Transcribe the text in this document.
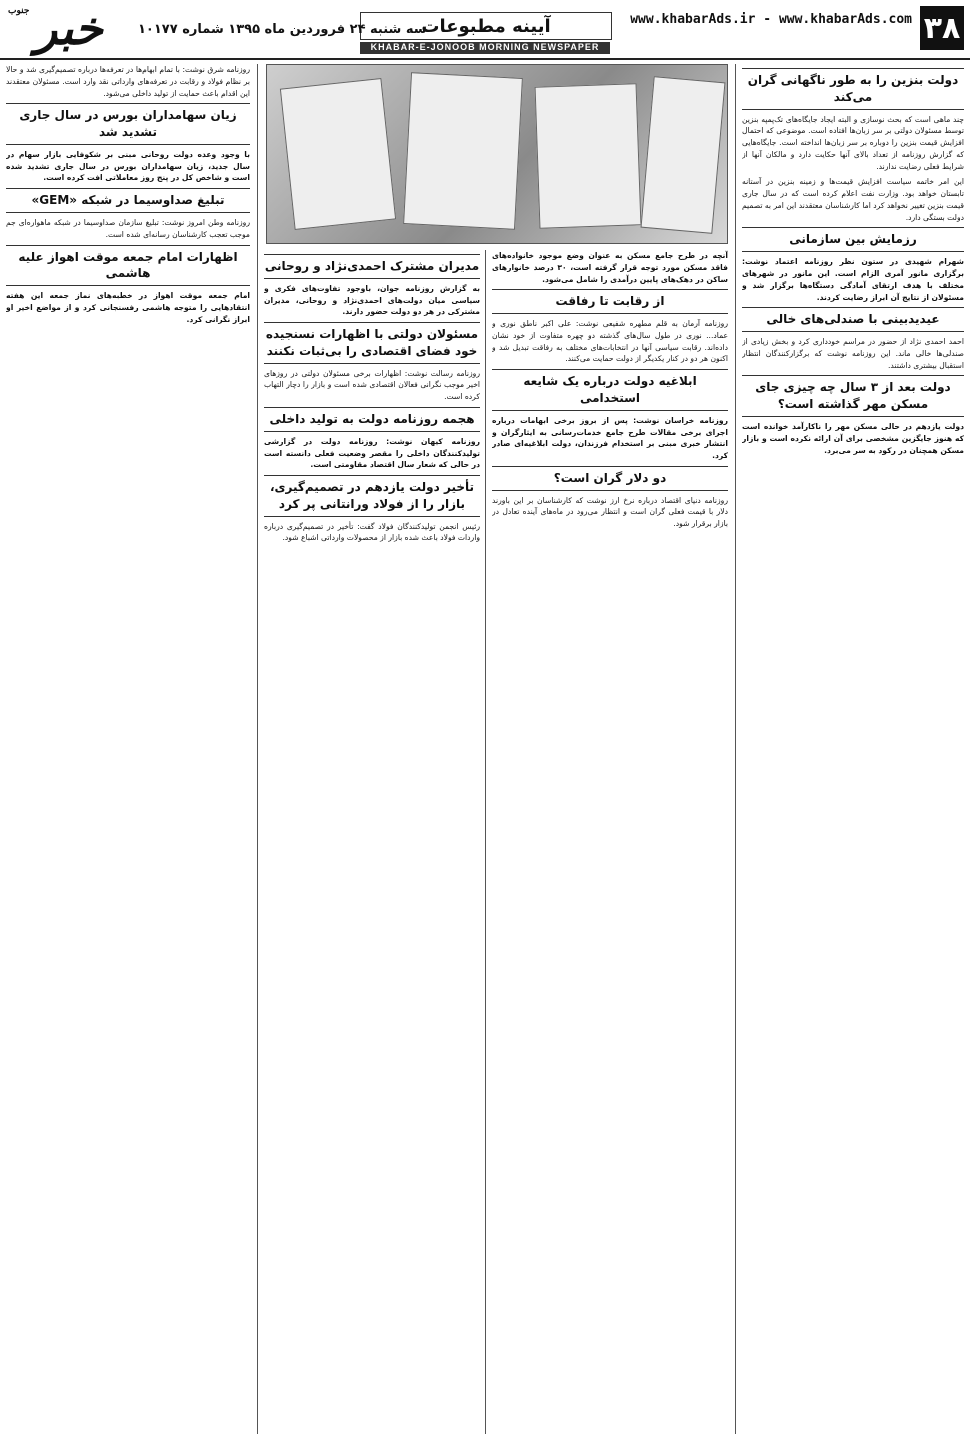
۳۸
www.khabarAds.ir - www.khabarAds.com
آیینه مطبوعات
KHABAR-E-JONOOB MORNING NEWSPAPER
سه شنبه ۲۴ فروردین ماه ۱۳۹۵ شماره ۱۰۱۷۷
جنوب خبر
دولت بنزین را به طور ناگهانی گران می‌کند

چند ماهی است که بحث نوسازی و البته ایجاد جایگاه‌های تک‌پمپه بنزین توسط مسئولان دولتی بر سر زبان‌ها افتاده است. موضوعی که احتمال افزایش قیمت بنزین را دوباره بر سر زبان‌ها انداخته است. جایگاه‌هایی که گزارش روزنامه از تعداد بالای آنها حکایت دارد و مالکان آنها از شرایط فعلی رضایت ندارند.

این امر خاتمه سیاست افزایش قیمت‌ها و زمینه بنزین در آستانه تابستان خواهد بود. وزارت نفت اعلام کرده است که در سال جاری قیمت بنزین تغییر نخواهد کرد اما کارشناسان معتقدند این امر به تصمیم دولت بستگی دارد.

رزمایش بین سازمانی

شهرام شهیدی در ستون نظر روزنامه اعتماد نوشت: برگزاری مانور آمری الزام است. این مانور در شهرهای مختلف با هدف ارتقای آمادگی دستگاه‌ها برگزار شد و مسئولان از نتایج آن ابراز رضایت کردند.

عیدیدبینی با صندلی‌های خالی

احمد احمدی نژاد از حضور در مراسم خودداری کرد و بخش زیادی از صندلی‌ها خالی ماند. این روزنامه نوشت که برگزارکنندگان انتظار استقبال بیشتری داشتند.

دولت بعد از ۳ سال چه چیزی جای مسکن مهر گذاشته است؟

دولت یازدهم در حالی مسکن مهر را ناکارآمد خوانده است که هنوز جایگزین مشخصی برای آن ارائه نکرده است و بازار مسکن همچنان در رکود به سر می‌برد.

آنچه در طرح جامع مسکن به عنوان وضع موجود خانواده‌های فاقد مسکن مورد توجه قرار گرفته است، ۳۰ درصد خانوارهای ساکن در دهک‌های پایین درآمدی را شامل می‌شود.

از رقابت تا رفاقت

روزنامه آرمان به قلم مطهره شفیعی نوشت: علی اکبر ناطق نوری و عماد... نوری در طول سال‌های گذشته دو چهره متفاوت از خود نشان داده‌اند. رقابت سیاسی آنها در انتخابات‌های مختلف به رفاقت تبدیل شد و اکنون هر دو در کنار یکدیگر از دولت حمایت می‌کنند.

ابلاغیه دولت درباره یک شایعه استخدامی

روزنامه خراسان نوشت: پس از بروز برخی ابهامات درباره اجرای برخی مقالات طرح جامع خدمات‌رسانی به ایثارگران و انتشار خبری مبنی بر استخدام فرزندان، دولت ابلاغیه‌ای صادر کرد.

دو دلار گران است؟

روزنامه دنیای اقتصاد درباره نرخ ارز نوشت که کارشناسان بر این باورند دلار با قیمت فعلی گران است و انتظار می‌رود در ماه‌های آینده تعادل در بازار برقرار شود.

مدیران مشترک احمدی‌نژاد و روحانی

به گزارش روزنامه جوان، باوجود تفاوت‌های فکری و سیاسی میان دولت‌های احمدی‌نژاد و روحانی، مدیران مشترکی در هر دو دولت حضور دارند.

مسئولان دولتی با اظهارات نسنجیده خود فضای اقتصادی را بی‌ثبات نکنند

روزنامه رسالت نوشت: اظهارات برخی مسئولان دولتی در روزهای اخیر موجب نگرانی فعالان اقتصادی شده است و بازار را دچار التهاب کرده است.

هجمه روزنامه دولت به تولید داخلی

روزنامه کیهان نوشت: روزنامه دولت در گزارشی تولیدکنندگان داخلی را مقصر وضعیت فعلی دانسته است در حالی که شعار سال اقتصاد مقاومتی است.

تأخیر دولت یازدهم در تصمیم‌گیری، بازار را از فولاد ورانتانی پر کرد

رئیس انجمن تولیدکنندگان فولاد گفت: تأخیر در تصمیم‌گیری درباره واردات فولاد باعث شده بازار از محصولات وارداتی اشباع شود.

روزنامه شرق نوشت: با تمام ابهام‌ها در تعرفه‌ها درباره تصمیم‌گیری شد و حالا بر نظام فولاد و رقابت در تعرفه‌های وارداتی نقد وارد است. مسئولان معتقدند این اقدام باعث حمایت از تولید داخلی می‌شود.

زیان سهامداران بورس در سال جاری تشدید شد

با وجود وعده دولت روحانی مبنی بر شکوفایی بازار سهام در سال جدید، زیان سهامداران بورس در سال جاری تشدید شده است و شاخص کل در پنج روز معاملاتی افت کرده است.

تبلیغ صداوسیما در شبکه «GEM»

روزنامه وطن امروز نوشت: تبلیغ سازمان صداوسیما در شبکه ماهواره‌ای جم موجب تعجب کارشناسان رسانه‌ای شده است.

اظهارات امام جمعه موقت اهواز علیه هاشمی

امام جمعه موقت اهواز در خطبه‌های نماز جمعه این هفته انتقادهایی را متوجه هاشمی رفسنجانی کرد و از مواضع اخیر او ابراز نگرانی کرد.
